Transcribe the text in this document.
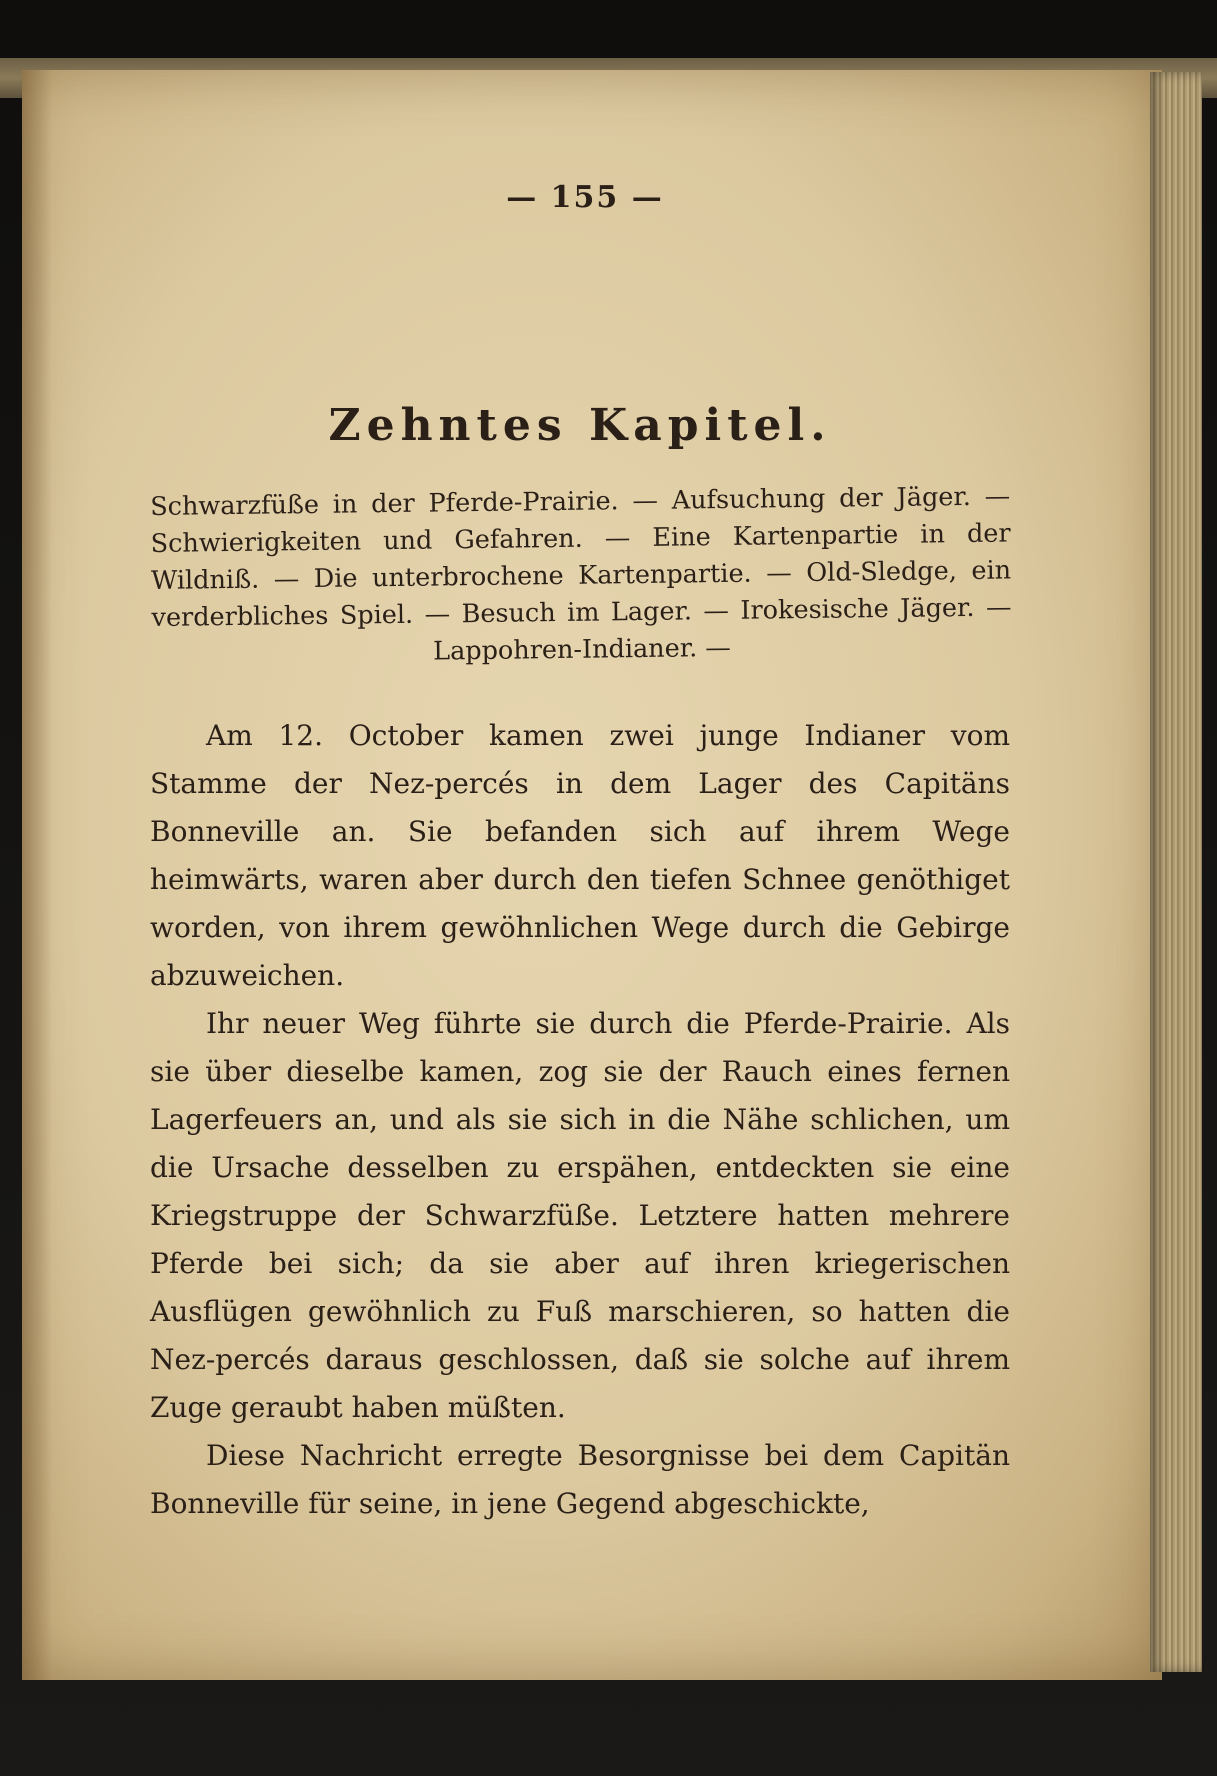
— 155 —
Zehntes Kapitel.
Schwarzfüße in der Pferde-Prairie. — Aufsuchung der Jäger. — Schwierigkeiten und Gefahren. — Eine Kartenpartie in der Wildniß. — Die unterbrochene Kartenpartie. — Old-Sledge, ein verderbliches Spiel. — Besuch im Lager. — Irokesische Jäger. — Lappohren-Indianer. —

Am 12. October kamen zwei junge Indianer vom Stamme der Nez-percés in dem Lager des Capitäns Bonneville an. Sie befanden sich auf ihrem Wege heimwärts, waren aber durch den tiefen Schnee genöthiget worden, von ihrem gewöhnlichen Wege durch die Gebirge abzuweichen.

Ihr neuer Weg führte sie durch die Pferde-Prairie. Als sie über dieselbe kamen, zog sie der Rauch eines fernen Lagerfeuers an, und als sie sich in die Nähe schlichen, um die Ursache desselben zu erspähen, entdeckten sie eine Kriegstruppe der Schwarzfüße. Letztere hatten mehrere Pferde bei sich; da sie aber auf ihren kriegerischen Ausflügen gewöhnlich zu Fuß marschieren, so hatten die Nez-percés daraus geschlossen, daß sie solche auf ihrem Zuge geraubt haben müßten.

Diese Nachricht erregte Besorgnisse bei dem Capitän Bonneville für seine, in jene Gegend abgeschickte,
